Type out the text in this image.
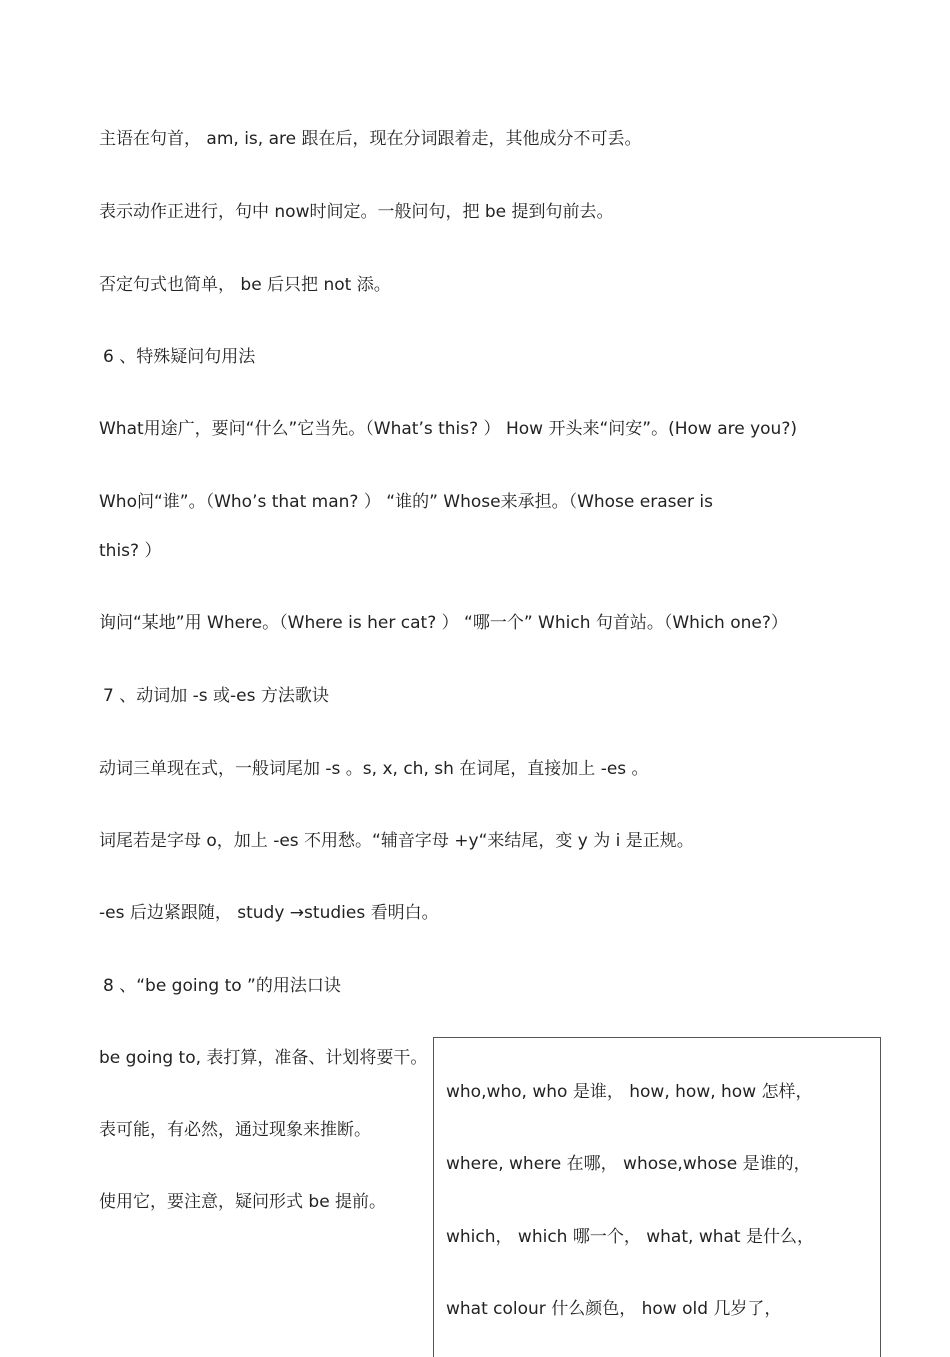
主语在句首， am, is, are 跟在后，现在分词跟着走，其他成分不可丢。
表示动作正进行，句中 now时间定。一般问句，把 be 提到句前去。
否定句式也简单， be 后只把 not 添。
6 、特殊疑问句用法
What用途广，要问“什么”它当先。（What’s this? ） How 开头来“问安”。(How are you?)
Who问“谁”。（Who’s that man? ） “谁的” Whose来承担。（Whose eraser is
this? ）
询问“某地”用 Where。（Where is her cat? ） “哪一个” Which 句首站。（Which one?）
7 、动词加 -s 或-es 方法歌诀
动词三单现在式，一般词尾加 -s 。s, x, ch, sh 在词尾，直接加上 -es 。
词尾若是字母 o，加上 -es 不用愁。“辅音字母 +y“来结尾，变 y 为 i 是正规。
-es 后边紧跟随， study →studies 看明白。
8 、“be going to ”的用法口诀
be going to, 表打算，准备、计划将要干。
表可能，有必然，通过现象来推断。
使用它，要注意，疑问形式 be 提前。
who,who, who 是谁， how, how, how 怎样，
where, where 在哪， whose,whose 是谁的，
which， which 哪一个， what, what 是什么，
what colour 什么颜色， how old 几岁了，
